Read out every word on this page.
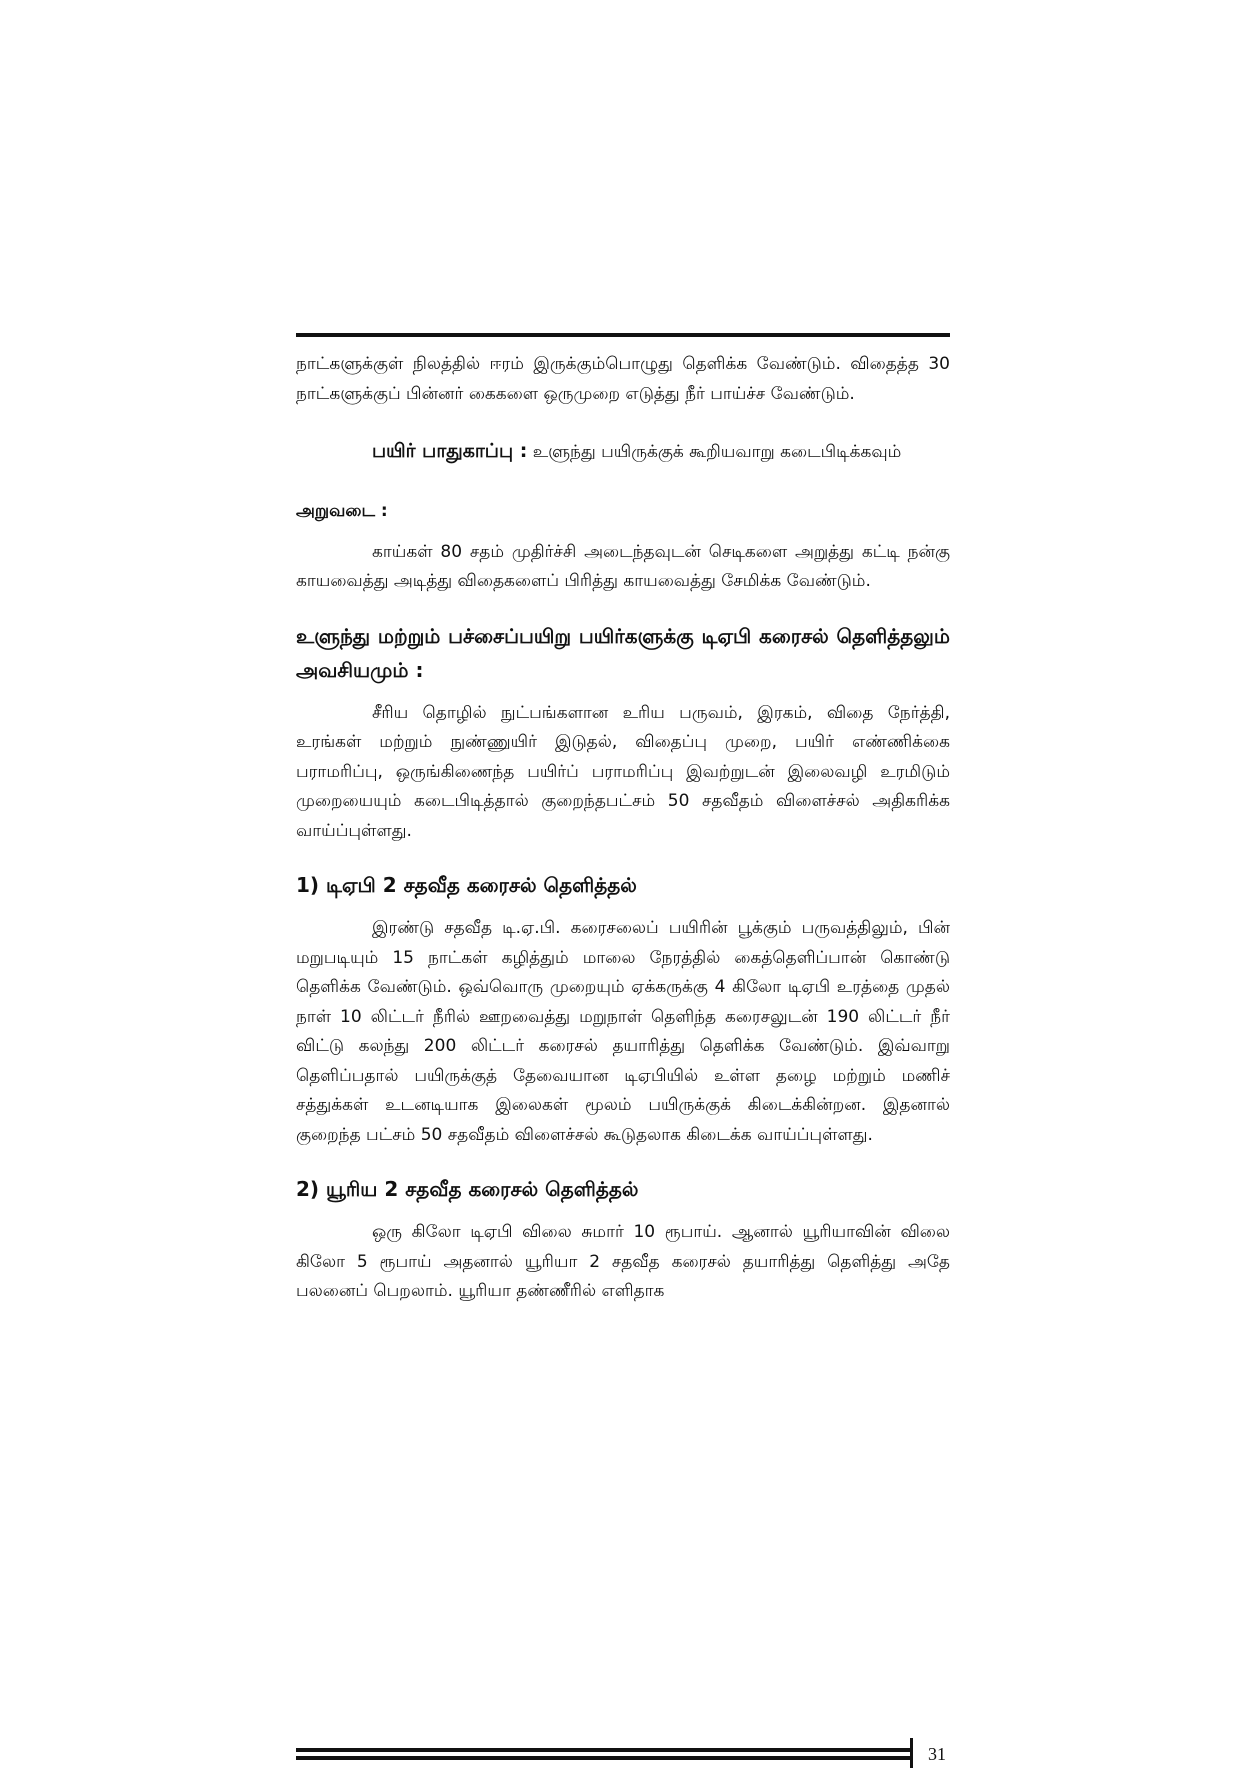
நாட்களுக்குள் நிலத்தில் ஈரம் இருக்கும்பொழுது தெளிக்க வேண்டும். விதைத்த 30 நாட்களுக்குப் பின்னர் கைகளை ஒருமுறை எடுத்து நீர் பாய்ச்ச வேண்டும்.

பயிர் பாதுகாப்பு : உளுந்து பயிருக்குக் கூறியவாறு கடைபிடிக்கவும்

அறுவடை :

காய்கள் 80 சதம் முதிர்ச்சி அடைந்தவுடன் செடிகளை அறுத்து கட்டி நன்கு காயவைத்து அடித்து விதைகளைப் பிரித்து காயவைத்து சேமிக்க வேண்டும்.

உளுந்து மற்றும் பச்சைப்பயிறு பயிர்களுக்கு டிஏபி கரைசல் தெளித்தலும் அவசியமும் :

சீரிய தொழில் நுட்பங்களான உரிய பருவம், இரகம், விதை நேர்த்தி, உரங்கள் மற்றும் நுண்ணுயிர் இடுதல், விதைப்பு முறை, பயிர் எண்ணிக்கை பராமரிப்பு, ஒருங்கிணைந்த பயிர்ப் பராமரிப்பு இவற்றுடன் இலைவழி உரமிடும் முறையையும் கடைபிடித்தால் குறைந்தபட்சம் 50 சதவீதம் விளைச்சல் அதிகரிக்க வாய்ப்புள்ளது.

1) டிஏபி 2 சதவீத கரைசல் தெளித்தல்

இரண்டு சதவீத டி.ஏ.பி. கரைசலைப் பயிரின் பூக்கும் பருவத்திலும், பின் மறுபடியும் 15 நாட்கள் கழித்தும் மாலை நேரத்தில் கைத்தெளிப்பான் கொண்டு தெளிக்க வேண்டும். ஒவ்வொரு முறையும் ஏக்கருக்கு 4 கிலோ டிஏபி உரத்தை முதல் நாள் 10 லிட்டர் நீரில் ஊறவைத்து மறுநாள் தெளிந்த கரைசலுடன் 190 லிட்டர் நீர் விட்டு கலந்து 200 லிட்டர் கரைசல் தயாரித்து தெளிக்க வேண்டும். இவ்வாறு தெளிப்பதால் பயிருக்குத் தேவையான டிஏபியில் உள்ள தழை மற்றும் மணிச் சத்துக்கள் உடனடியாக இலைகள் மூலம் பயிருக்குக் கிடைக்கின்றன. இதனால் குறைந்த பட்சம் 50 சதவீதம் விளைச்சல் கூடுதலாக கிடைக்க வாய்ப்புள்ளது.

2) யூரிய 2 சதவீத கரைசல் தெளித்தல்

ஒரு கிலோ டிஏபி விலை சுமார் 10 ரூபாய். ஆனால் யூரியாவின் விலை கிலோ 5 ரூபாய் அதனால் யூரியா 2 சதவீத கரைசல் தயாரித்து தெளித்து அதே பலனைப் பெறலாம். யூரியா தண்ணீரில் எளிதாக

31
